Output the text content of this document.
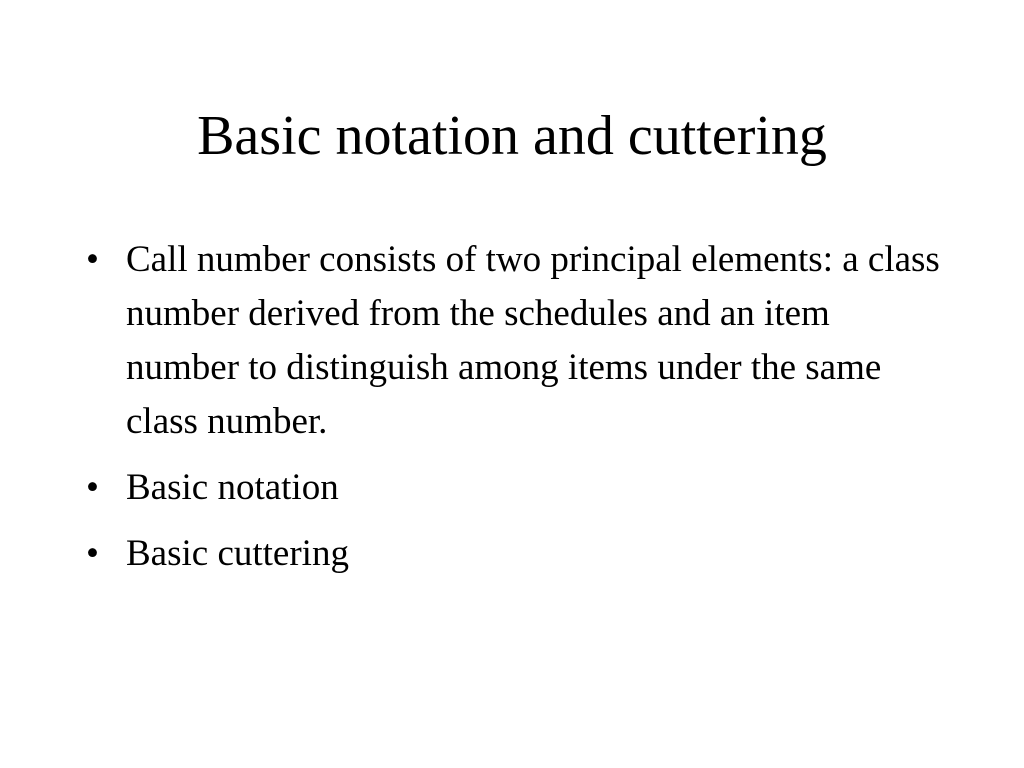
Basic notation and cuttering
• Call number consists of two principal elements: a class number derived from the schedules and an item number to distinguish among items under the same class number.
• Basic notation
• Basic cuttering
